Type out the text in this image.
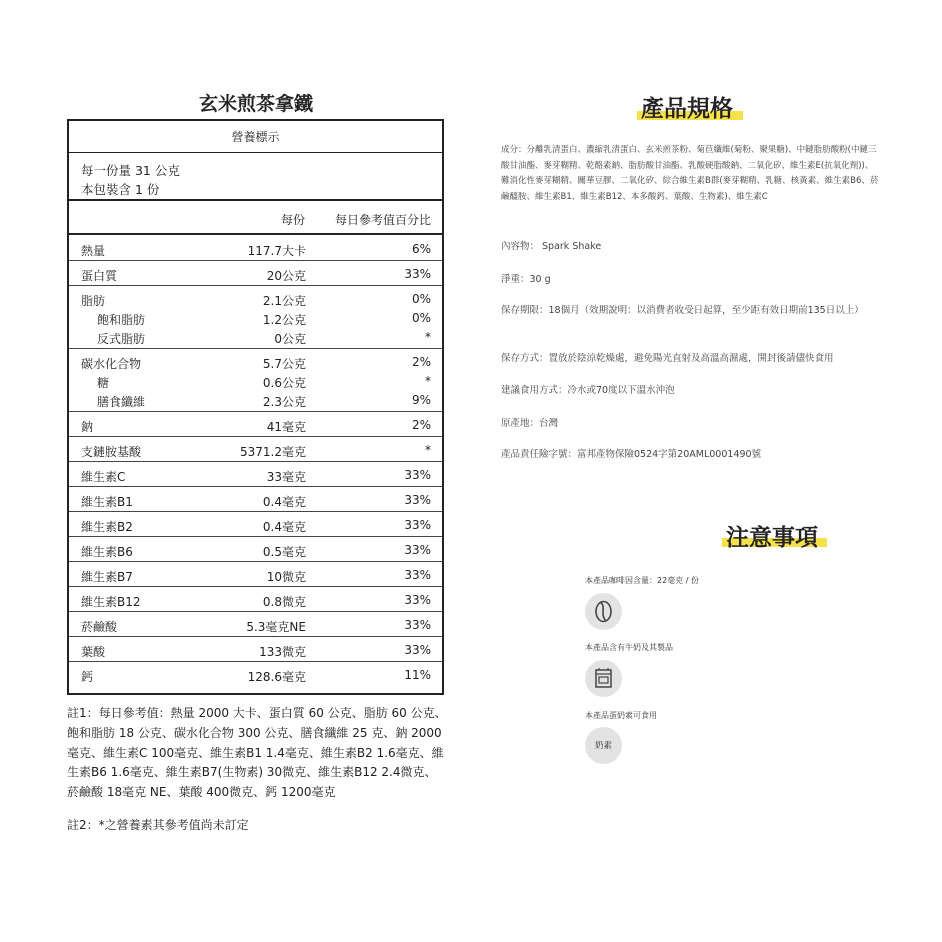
玄米煎茶拿鐵
營養標示
每一份量 31 公克
本包裝含 1 份
每份 每日參考值百分比
熱量	117.7大卡	6%
蛋白質	20公克	33%
脂肪	2.1公克	0%
飽和脂肪	1.2公克	0%
反式脂肪	0公克	*
碳水化合物	5.7公克	2%
糖	0.6公克	*
膳食纖維	2.3公克	9%
鈉	41毫克	2%
支鏈胺基酸	5371.2毫克	*
維生素C	33毫克	33%
維生素B1	0.4毫克	33%
維生素B2	0.4毫克	33%
維生素B6	0.5毫克	33%
維生素B7	10微克	33%
維生素B12	0.8微克	33%
菸鹼酸	5.3毫克NE	33%
葉酸	133微克	33%
鈣	128.6毫克	11%
註1：每日參考值：熱量 2000 大卡、蛋白質 60 公克、脂肪 60 公克、飽和脂肪 18 公克、碳水化合物 300 公克、膳食纖維 25 克、鈉 2000 毫克、維生素C 100毫克、維生素B1 1.4毫克、維生素B2 1.6毫克、維生素B6 1.6毫克、維生素B7(生物素) 30微克、維生素B12 2.4微克、菸鹼酸 18毫克 NE、葉酸 400微克、鈣 1200毫克
註2：*之營養素其參考值尚未訂定
產品規格
成分：分離乳清蛋白、濃縮乳清蛋白、玄米煎茶粉、菊苣纖維(菊粉、聚果糖)、中鏈脂肪酸粉(中鏈三酸甘油酯、麥芽糊精、乾酪素鈉、脂肪酸甘油酯、乳酸硬脂酸鈉、二氧化矽、維生素E(抗氧化劑))、難消化性麥芽糊精、關華豆膠、二氧化矽、綜合維生素B群(麥芽糊精、乳糖、核黃素、維生素B6、菸鹼醯胺、維生素B1、維生素B12、本多酸鈣、葉酸、生物素)、維生素C
內容物： Spark Shake
淨重：30 g
保存期限：18個月（效期說明：以消費者收受日起算，至少距有效日期前135日以上）
保存方式：置放於陰涼乾燥處，避免陽光直射及高溫高濕處，開封後請儘快食用
建議食用方式：冷水或70度以下溫水沖泡
原產地：台灣
產品責任險字號：富邦產物保險0524字第20AML0001490號
注意事項
本產品咖啡因含量：22毫克 / 份
本產品含有牛奶及其製品
本產品蛋奶素可食用
奶素
